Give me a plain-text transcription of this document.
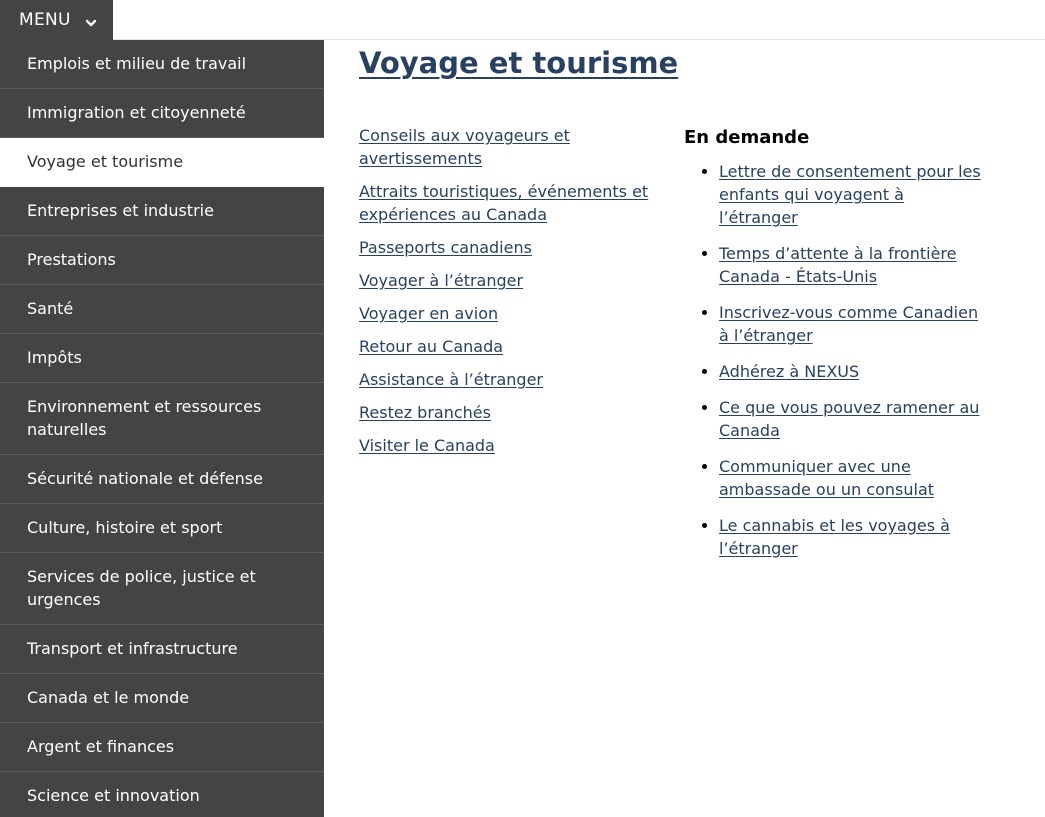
MENU
Emplois et milieu de travail
Immigration et citoyenneté
Voyage et tourisme
Entreprises et industrie
Prestations
Santé
Impôts
Environnement et ressources naturelles
Sécurité nationale et défense
Culture, histoire et sport
Services de police, justice et urgences
Transport et infrastructure
Canada et le monde
Argent et finances
Science et innovation
Voyage et tourisme
Conseils aux voyageurs et avertissements
Attraits touristiques, événements et expériences au Canada
Passeports canadiens
Voyager à l’étranger
Voyager en avion
Retour au Canada
Assistance à l’étranger
Restez branchés
Visiter le Canada
En demande
• Lettre de consentement pour les enfants qui voyagent à l’étranger
• Temps d’attente à la frontière Canada - États-Unis
• Inscrivez-vous comme Canadien à l’étranger
• Adhérez à NEXUS
• Ce que vous pouvez ramener au Canada
• Communiquer avec une ambassade ou un consulat
• Le cannabis et les voyages à l’étranger
